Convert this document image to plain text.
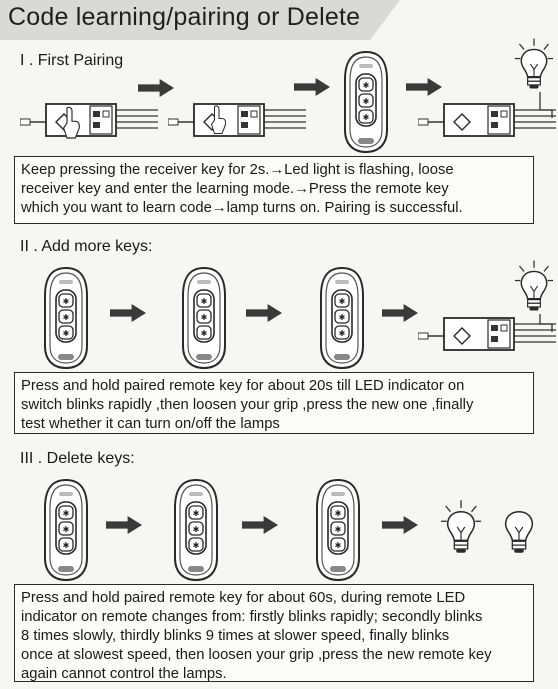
Code learning/pairing or Delete
I . First Pairing

Keep pressing the receiver key for 2s.→Led light is flashing, loose

receiver key and enter the learning mode.→Press the remote key

which you want to learn code→lamp turns on. Pairing is successful.

II . Add more keys:

Press and hold paired remote key for about 20s till LED indicator on

switch blinks rapidly ,then loosen your grip ,press the new one ,finally

test whether it can turn on/off the lamps

III . Delete keys:

Press and hold paired remote key for about 60s, during remote LED

indicator on remote changes from: firstly blinks rapidly; secondly blinks

8 times slowly, thirdly blinks 9 times at slower speed, finally blinks

once at slowest speed, then loosen your grip ,press the new remote key

again cannot control the lamps.
